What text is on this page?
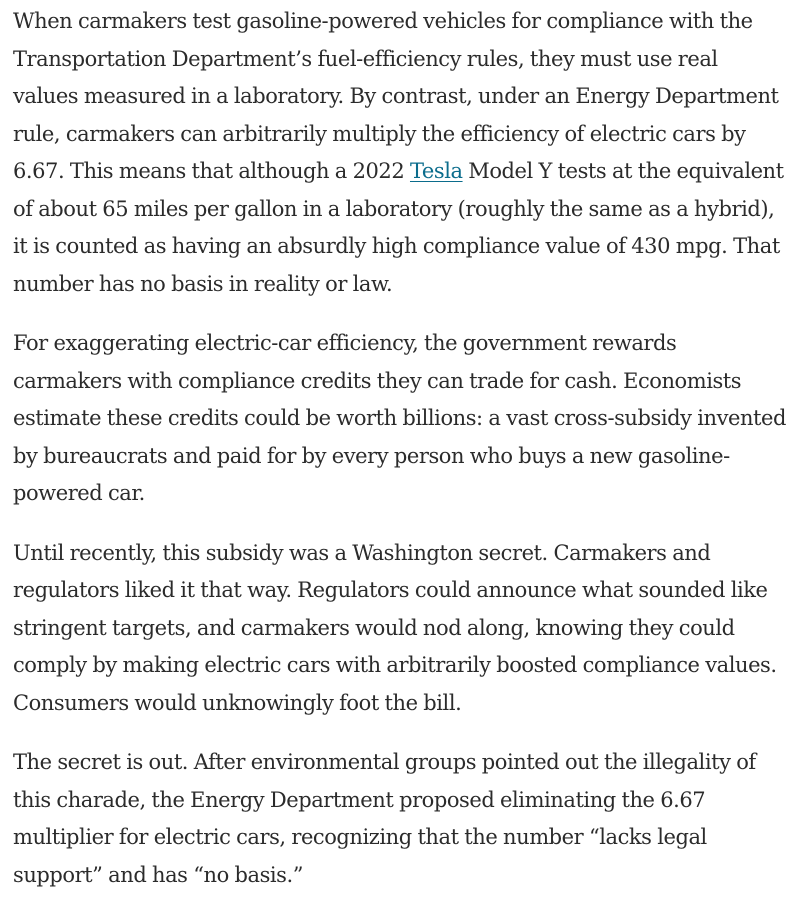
When carmakers test gasoline-powered vehicles for compliance with the Transportation Department’s fuel-efficiency rules, they must use real values measured in a laboratory. By contrast, under an Energy Department rule, carmakers can arbitrarily multiply the efficiency of electric cars by 6.67. This means that although a 2022 Tesla Model Y tests at the equivalent of about 65 miles per gallon in a laboratory (roughly the same as a hybrid), it is counted as having an absurdly high compliance value of 430 mpg. That number has no basis in reality or law.

For exaggerating electric-car efficiency, the government rewards carmakers with compliance credits they can trade for cash. Economists estimate these credits could be worth billions: a vast cross-subsidy invented by bureaucrats and paid for by every person who buys a new gasoline-powered car.

Until recently, this subsidy was a Washington secret. Carmakers and regulators liked it that way. Regulators could announce what sounded like stringent targets, and carmakers would nod along, knowing they could comply by making electric cars with arbitrarily boosted compliance values. Consumers would unknowingly foot the bill.

The secret is out. After environmental groups pointed out the illegality of this charade, the Energy Department proposed eliminating the 6.67 multiplier for electric cars, recognizing that the number “lacks legal support” and has “no basis.”
